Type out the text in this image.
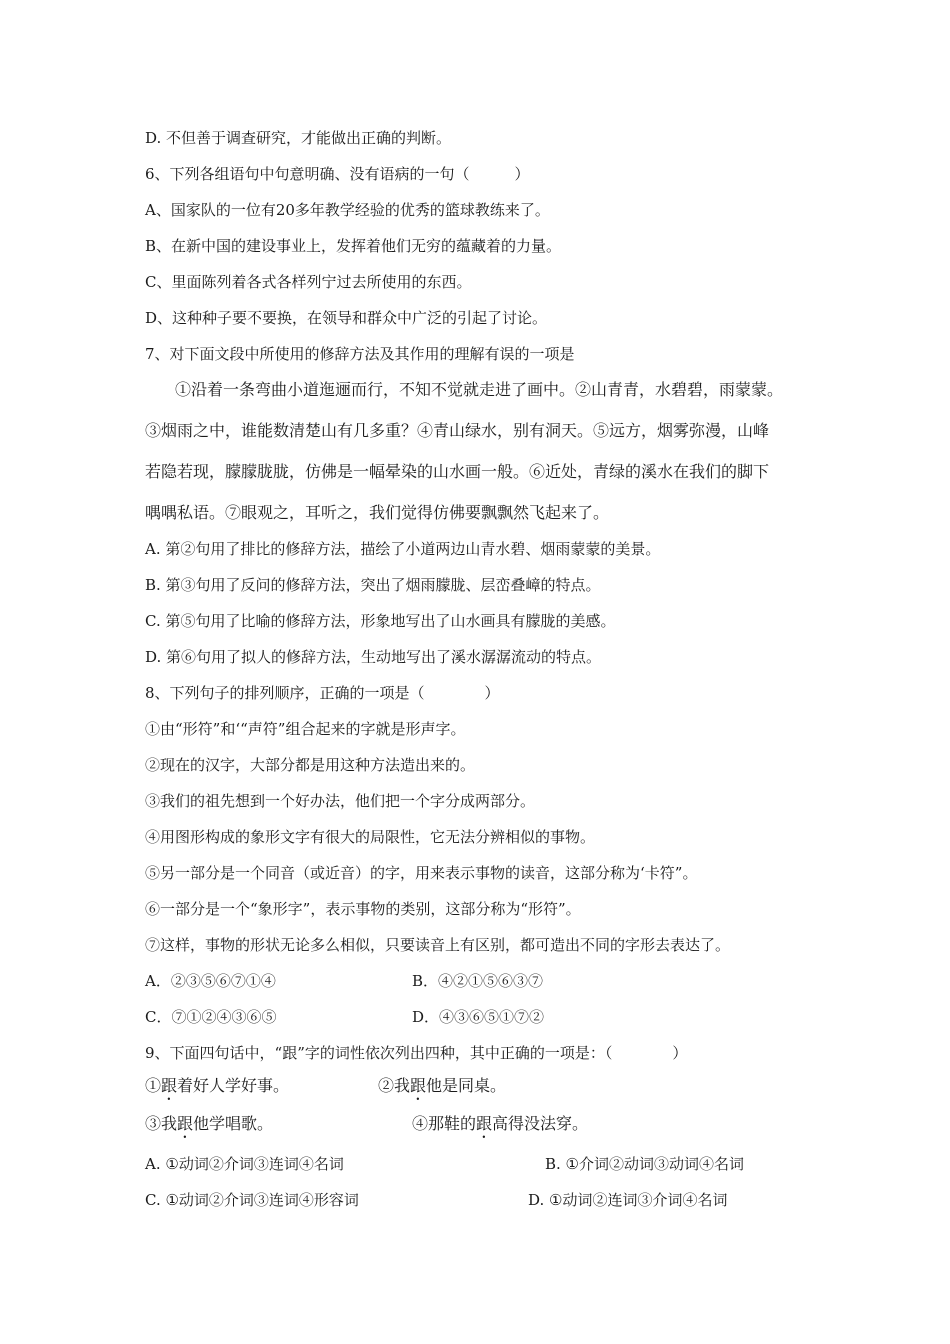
D. 不但善于调查研究，才能做出正确的判断。
6、下列各组语句中句意明确、没有语病的一句（　　　）
A、国家队的一位有20多年教学经验的优秀的篮球教练来了。
B、在新中国的建设事业上，发挥着他们无穷的蕴藏着的力量。
C、里面陈列着各式各样列宁过去所使用的东西。
D、这种种子要不要换，在领导和群众中广泛的引起了讨论。
7、对下面文段中所使用的修辞方法及其作用的理解有误的一项是
①沿着一条弯曲小道迤逦而行，不知不觉就走进了画中。②山青青，水碧碧，雨蒙蒙。
③烟雨之中，谁能数清楚山有几多重？④青山绿水，别有洞天。⑤远方，烟雾弥漫，山峰
若隐若现，朦朦胧胧，仿佛是一幅晕染的山水画一般。⑥近处，青绿的溪水在我们的脚下
喁喁私语。⑦眼观之，耳听之，我们觉得仿佛要飘飘然飞起来了。
A. 第②句用了排比的修辞方法，描绘了小道两边山青水碧、烟雨蒙蒙的美景。
B. 第③句用了反问的修辞方法，突出了烟雨朦胧、层峦叠嶂的特点。
C. 第⑤句用了比喻的修辞方法，形象地写出了山水画具有朦胧的美感。
D. 第⑥句用了拟人的修辞方法，生动地写出了溪水潺潺流动的特点。
8、下列句子的排列顺序，正确的一项是（　　　　）
①由“形符”和‘“声符”组合起来的字就是形声字。
②现在的汉字，大部分都是用这种方法造出来的。
③我们的祖先想到一个好办法，他们把一个字分成两部分。
④用图形构成的象形文字有很大的局限性，它无法分辨相似的事物。
⑤另一部分是一个同音（或近音）的字，用来表示事物的读音，这部分称为‘卡符”。
⑥一部分是一个“象形字”，表示事物的类别，这部分称为“形符”。
⑦这样，事物的形状无论多么相似，只要读音上有区别，都可造出不同的字形去表达了。
A．②③⑤⑥⑦①④	B．④②①⑤⑥③⑦
C．⑦①②④③⑥⑤	D．④③⑥⑤①⑦②
9、下面四句话中，“跟”字的词性依次列出四种，其中正确的一项是：（　　　　）
①跟着好人学好事。	②我跟他是同桌。
③我跟他学唱歌。	④那鞋的跟高得没法穿。
A. ①动词②介词③连词④名词	B. ①介词②动词③动词④名词
C. ①动词②介词③连词④形容词	D. ①动词②连词③介词④名词
